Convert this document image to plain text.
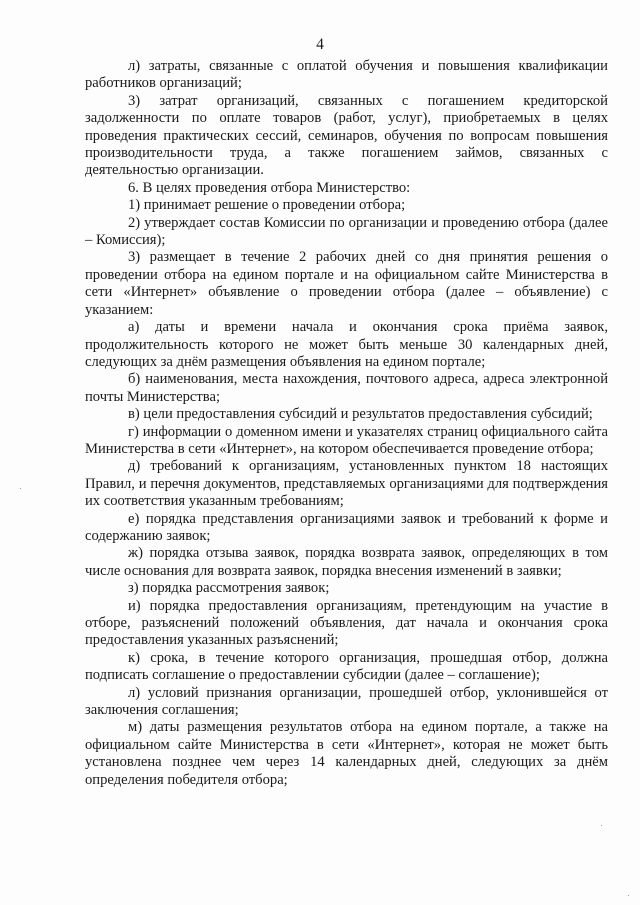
4

л) затраты, связанные с оплатой обучения и повышения квалификации работников организаций;

3) затрат организаций, связанных с погашением кредиторской задолженности по оплате товаров (работ, услуг), приобретаемых в целях проведения практических сессий, семинаров, обучения по вопросам повышения производительности труда, а также погашением займов, связанных с деятельностью организации.

6. В целях проведения отбора Министерство:

1) принимает решение о проведении отбора;

2) утверждает состав Комиссии по организации и проведению отбора (далее – Комиссия);

3) размещает в течение 2 рабочих дней со дня принятия решения о проведении отбора на едином портале и на официальном сайте Министерства в сети «Интернет» объявление о проведении отбора (далее – объявление) с указанием:

а) даты и времени начала и окончания срока приёма заявок, продолжительность которого не может быть меньше 30 календарных дней, следующих за днём размещения объявления на едином портале;

б) наименования, места нахождения, почтового адреса, адреса электронной почты Министерства;

в) цели предоставления субсидий и результатов предоставления субсидий;

г) информации о доменном имени и указателях страниц официального сайта Министерства в сети «Интернет», на котором обеспечивается проведение отбора;

д) требований к организациям, установленных пунктом 18 настоящих Правил, и перечня документов, представляемых организациями для подтверждения их соответствия указанным требованиям;

е) порядка представления организациями заявок и требований к форме и содержанию заявок;

ж) порядка отзыва заявок, порядка возврата заявок, определяющих в том числе основания для возврата заявок, порядка внесения изменений в заявки;

з) порядка рассмотрения заявок;

и) порядка предоставления организациям, претендующим на участие в отборе, разъяснений положений объявления, дат начала и окончания срока предоставления указанных разъяснений;

к) срока, в течение которого организация, прошедшая отбор, должна подписать соглашение о предоставлении субсидии (далее – соглашение);

л) условий признания организации, прошедшей отбор, уклонившейся от заключения соглашения;

м) даты размещения результатов отбора на едином портале, а также на официальном сайте Министерства в сети «Интернет», которая не может быть установлена позднее чем через 14 календарных дней, следующих за днём определения победителя отбора;
